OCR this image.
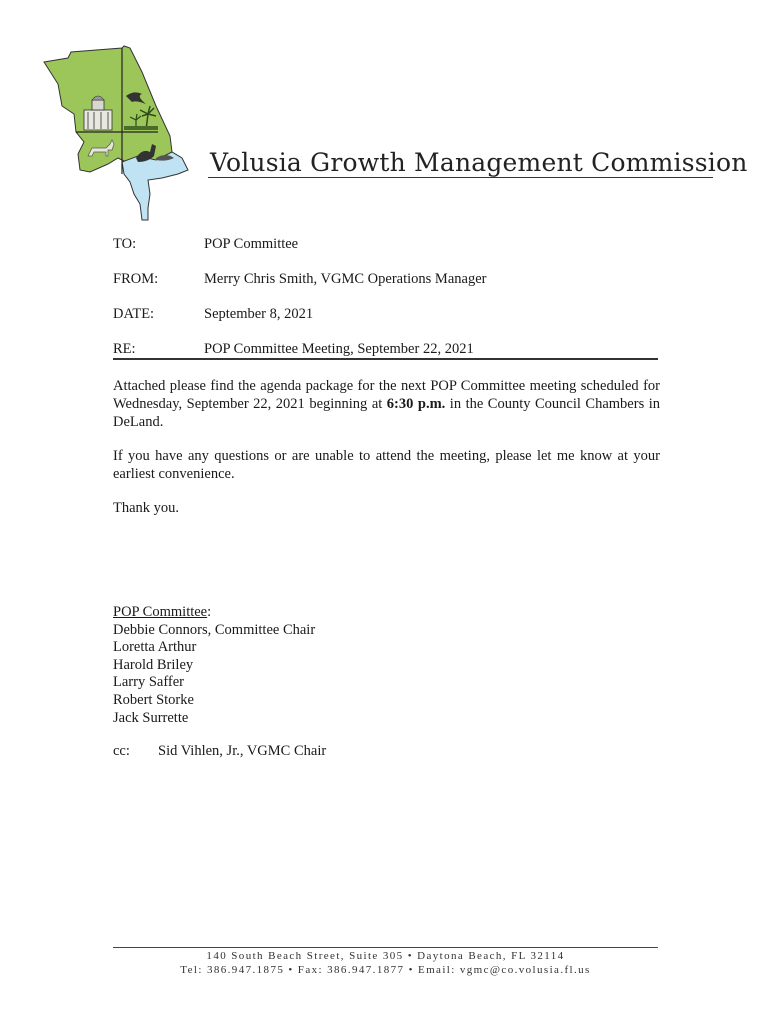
Volusia Growth Management Commission
TO:	POP Committee
FROM:	Merry Chris Smith, VGMC Operations Manager
DATE:	September 8, 2021
RE:	POP Committee Meeting, September 22, 2021
Attached please find the agenda package for the next POP Committee meeting scheduled for Wednesday, September 22, 2021 beginning at 6:30 p.m. in the County Council Chambers in DeLand.
If you have any questions or are unable to attend the meeting, please let me know at your earliest convenience.
Thank you.
POP Committee:
Debbie Connors, Committee Chair
Loretta Arthur
Harold Briley
Larry Saffer
Robert Storke
Jack Surrette
cc: Sid Vihlen, Jr., VGMC Chair
140 South Beach Street, Suite 305 • Daytona Beach, FL 32114
Tel: 386.947.1875 • Fax: 386.947.1877 • Email: vgmc@co.volusia.fl.us
